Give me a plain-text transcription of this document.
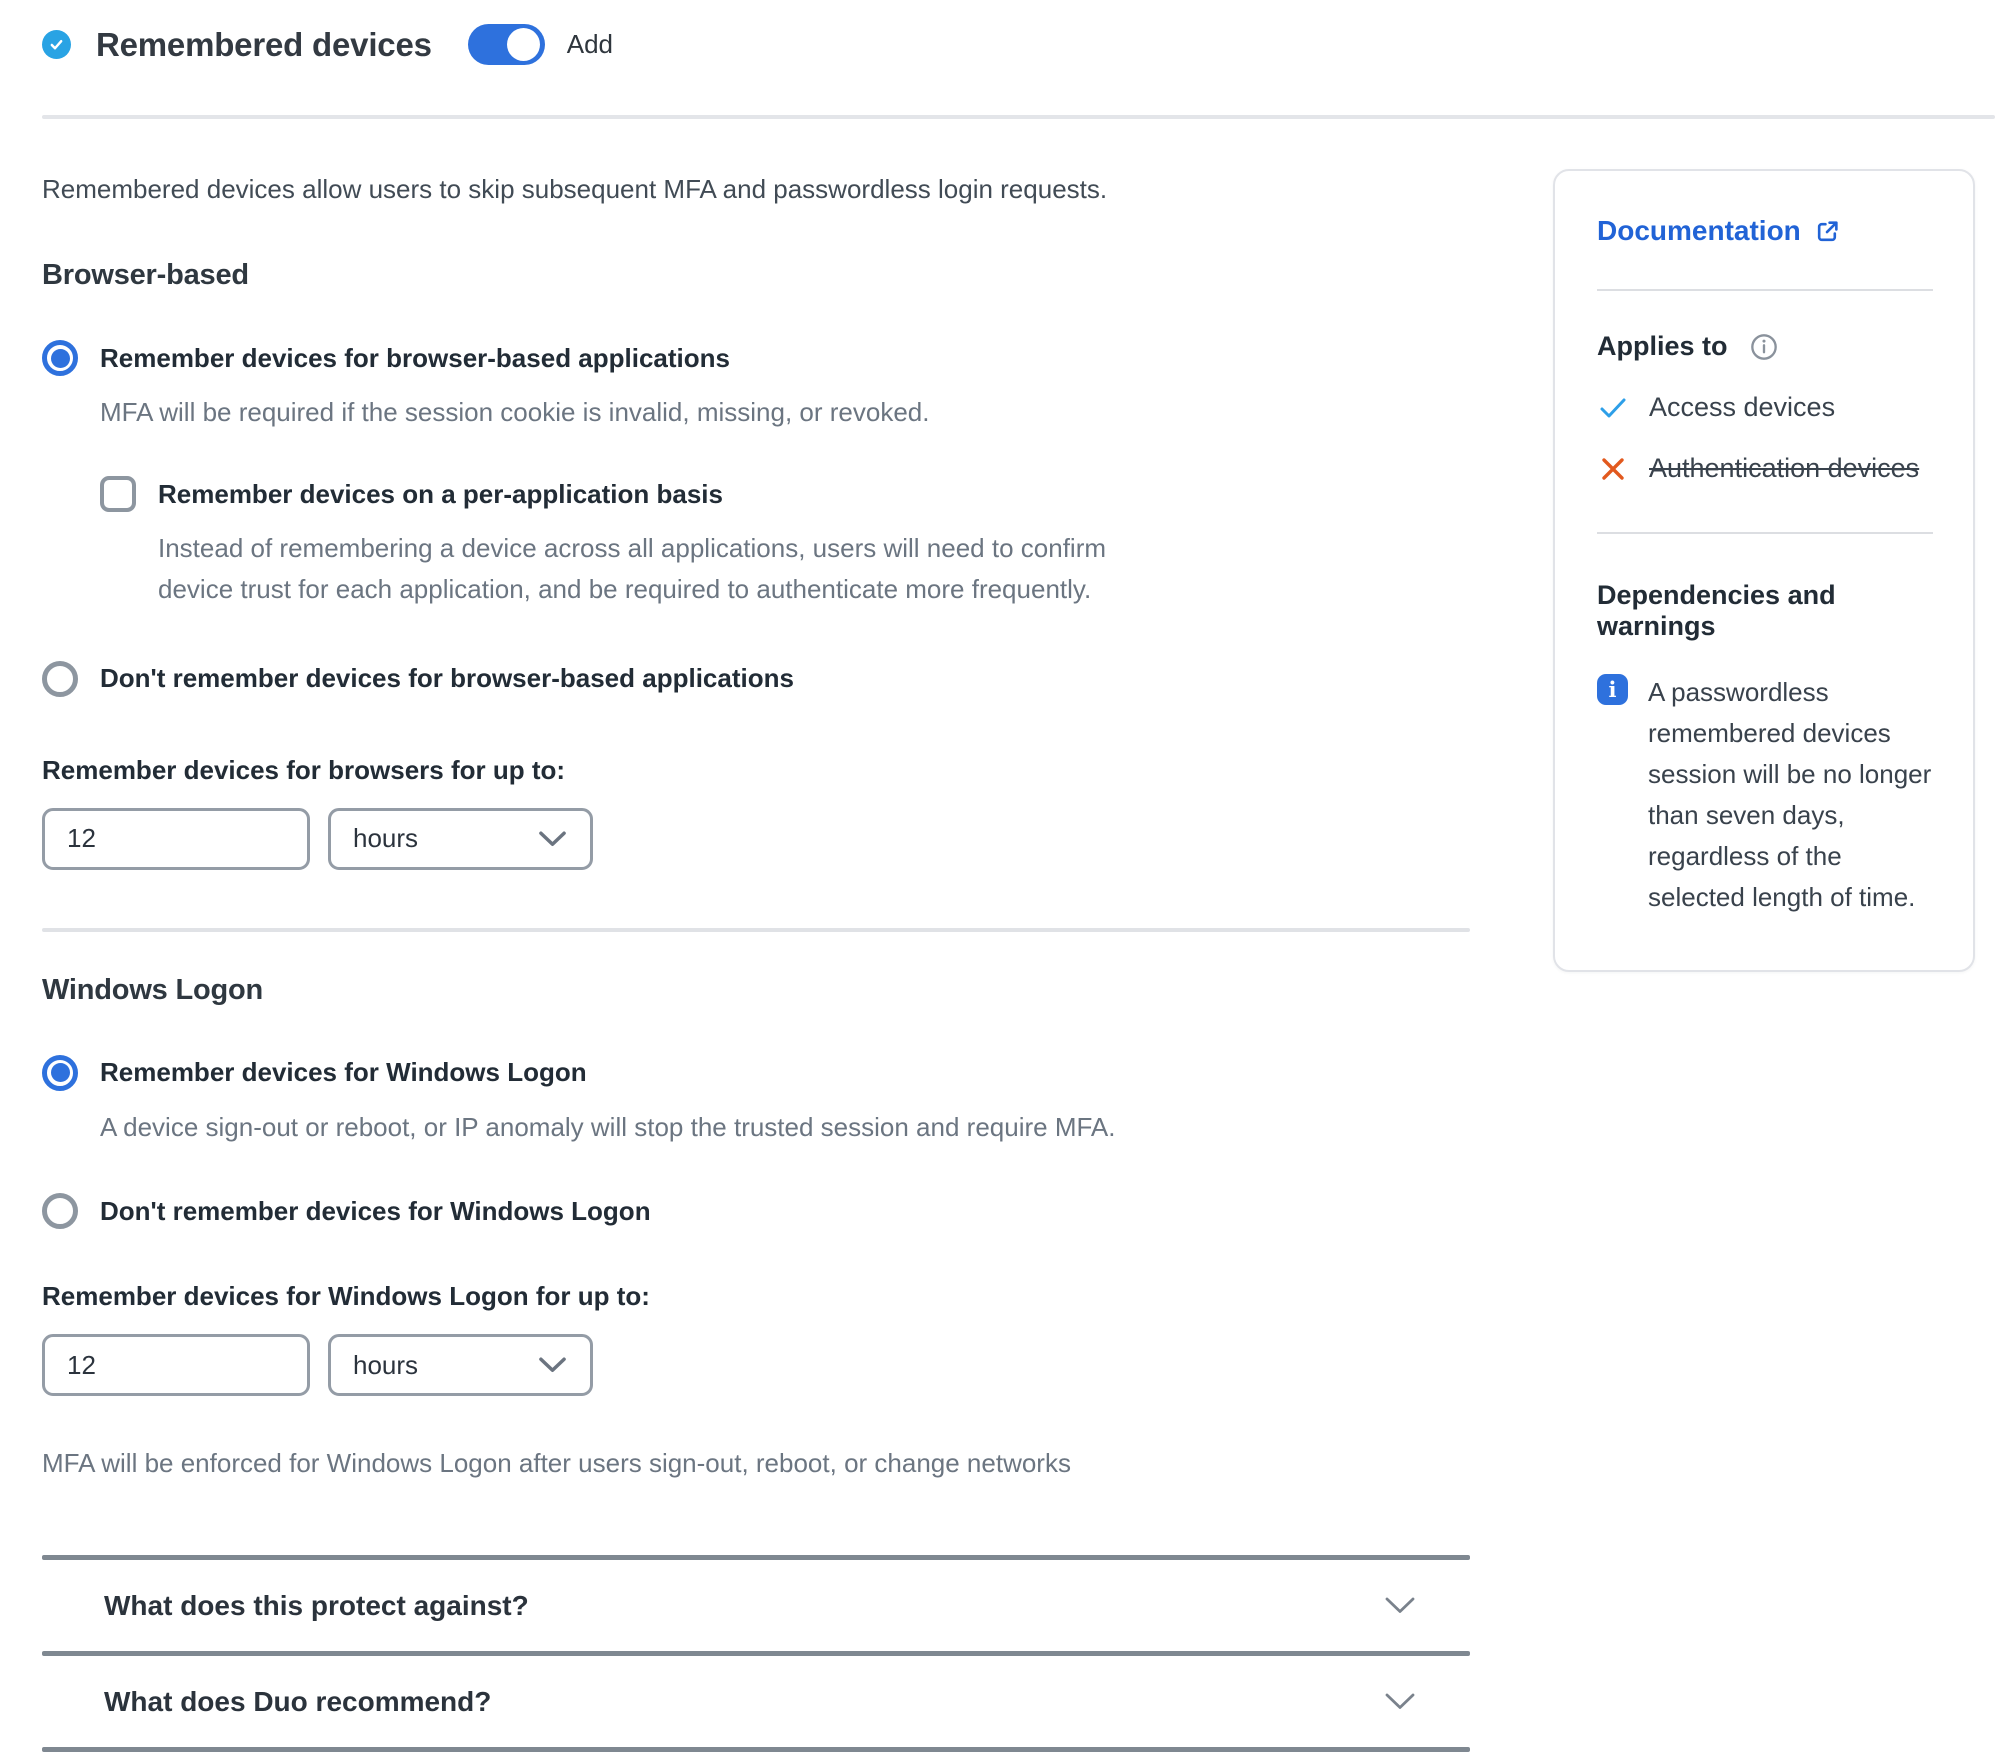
Remembered devices	Add

Remembered devices allow users to skip subsequent MFA and passwordless login requests.

Browser-based
Remember devices for browser-based applications

MFA will be required if the session cookie is invalid, missing, or revoked.

Remember devices on a per-application basis

Instead of remembering a device across all applications, users will need to confirm device trust for each application, and be required to authenticate more frequently.

Don't remember devices for browser-based applications
Remember devices for browsers for up to:
12
hours
Windows Logon
Remember devices for Windows Logon

A device sign-out or reboot, or IP anomaly will stop the trusted session and require MFA.

Don't remember devices for Windows Logon
Remember devices for Windows Logon for up to:
12
hours

MFA will be enforced for Windows Logon after users sign-out, reboot, or change networks

What does this protect against?
What does Duo recommend?
Documentation
Applies to
Access devices
Authentication devices
Dependencies and warnings
i	A passwordless remembered devices session will be no longer than seven days, regardless of the selected length of time.
